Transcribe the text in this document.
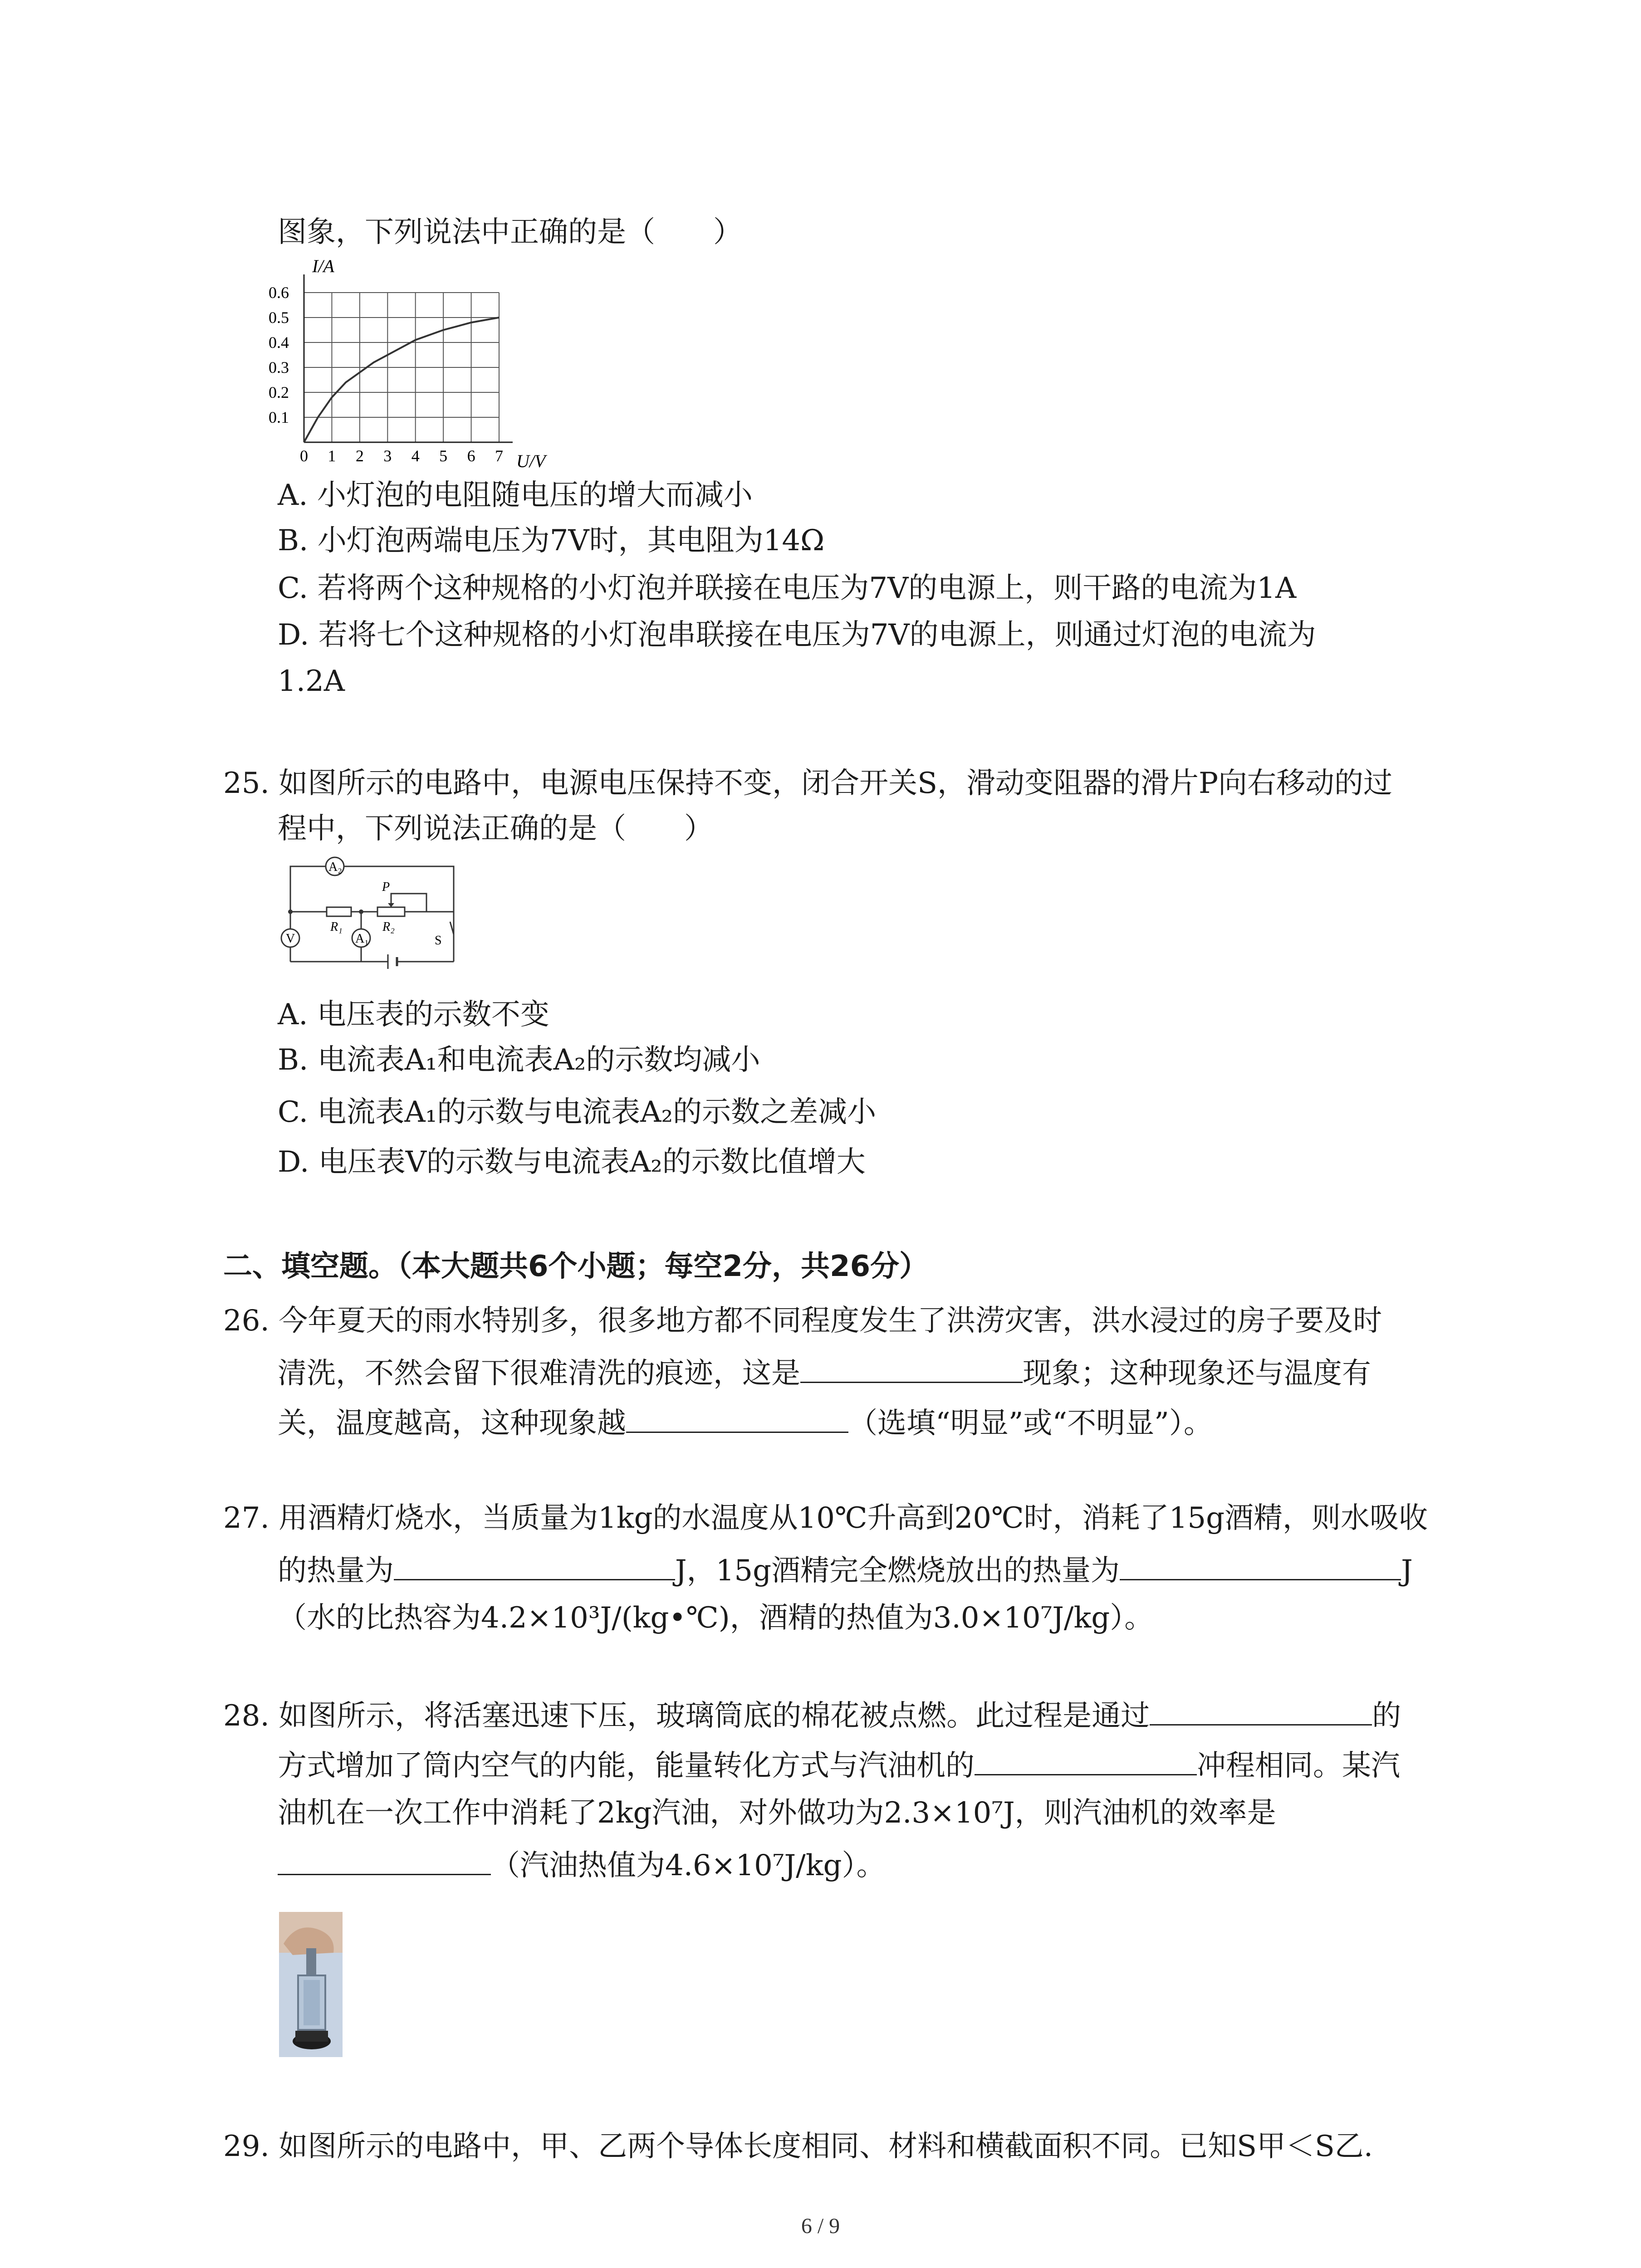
图象，下列说法中正确的是（　　）
0 1 2 3 4 5 6 7
0.1
0.2
0.3
0.4
0.5
0.6
I/A
U/V
A. 小灯泡的电阻随电压的增大而减小
B. 小灯泡两端电压为7V时，其电阻为14Ω
C. 若将两个这种规格的小灯泡并联接在电压为7V的电源上，则干路的电流为1A
D. 若将七个这种规格的小灯泡串联接在电压为7V的电源上，则通过灯泡的电流为
1.2A
25. 如图所示的电路中，电源电压保持不变，闭合开关S，滑动变阻器的滑片P向右移动的过
程中，下列说法正确的是（　　）
A₂
V	A₁
R₁	R₂
P
S
A. 电压表的示数不变
B. 电流表A₁和电流表A₂的示数均减小
C. 电流表A₁的示数与电流表A₂的示数之差减小
D. 电压表V的示数与电流表A₂的示数比值增大
二、填空题。（本大题共6个小题；每空2分，共26分）
26. 今年夏天的雨水特别多，很多地方都不同程度发生了洪涝灾害，洪水浸过的房子要及时
清洗，不然会留下很难清洗的痕迹，这是	现象；这种现象还与温度有
关，温度越高，这种现象越	（选填“明显”或“不明显”）。
27. 用酒精灯烧水，当质量为1kg的水温度从10℃升高到20℃时，消耗了15g酒精，则水吸收
的热量为	J，15g酒精完全燃烧放出的热量为	J
（水的比热容为4.2×10³J/(kg•℃)，酒精的热值为3.0×10⁷J/kg）。
28. 如图所示，将活塞迅速下压，玻璃筒底的棉花被点燃。此过程是通过	的
方式增加了筒内空气的内能，能量转化方式与汽油机的	冲程相同。某汽
油机在一次工作中消耗了2kg汽油，对外做功为2.3×10⁷J，则汽油机的效率是
（汽油热值为4.6×10⁷J/kg）。
29. 如图所示的电路中，甲、乙两个导体长度相同、材料和横截面积不同。已知S甲＜S乙.
6 / 9
